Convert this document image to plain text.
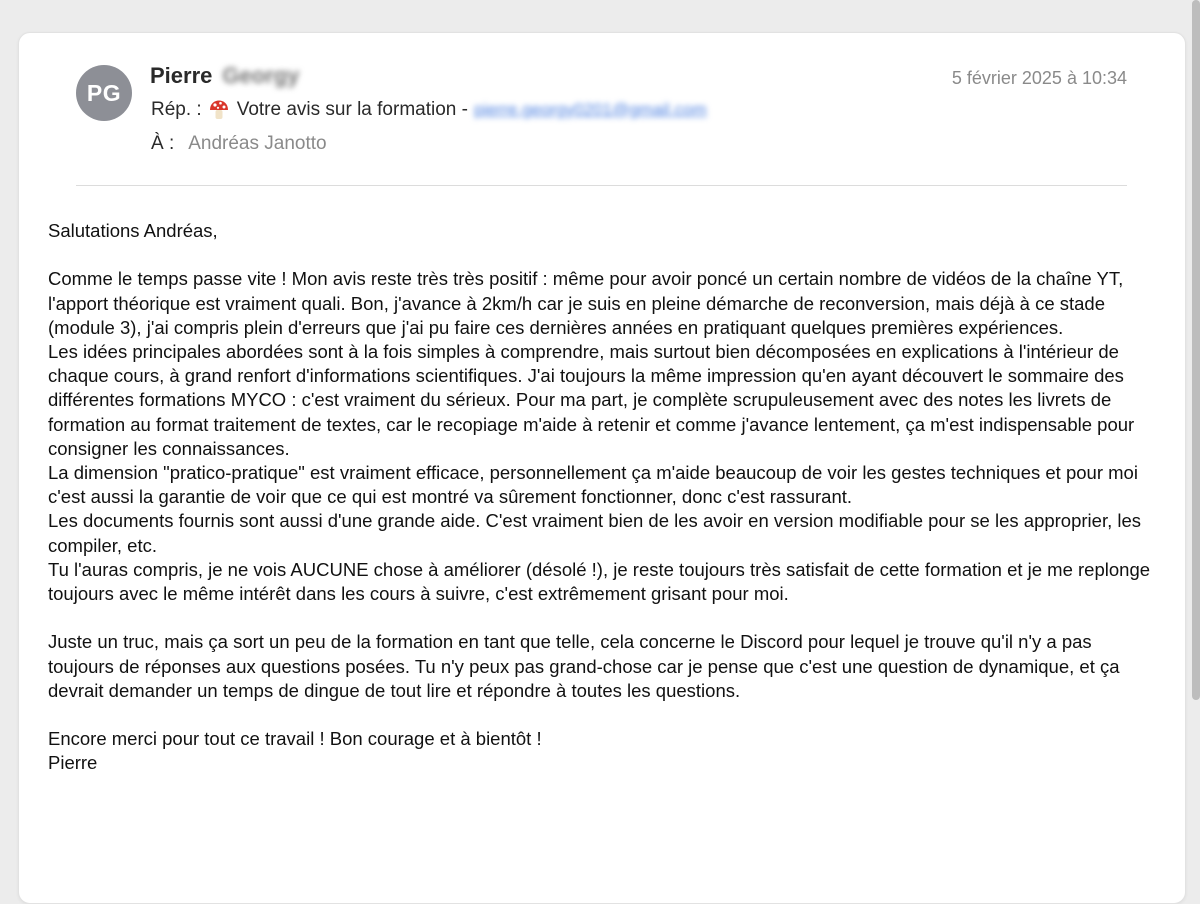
PG
Pierre Georgy	5 février 2025 à 10:34
Rép. : Votre avis sur la formation - pierre.georgy0201@gmail.com
À : Andréas Janotto

Salutations Andréas,

Comme le temps passe vite ! Mon avis reste très très positif : même pour avoir poncé un certain nombre de vidéos de la chaîne YT, l'apport théorique est vraiment quali. Bon, j'avance à 2km/h car je suis en pleine démarche de reconversion, mais déjà à ce stade (module 3), j'ai compris plein d'erreurs que j'ai pu faire ces dernières années en pratiquant quelques premières expériences.

Les idées principales abordées sont à la fois simples à comprendre, mais surtout bien décomposées en explications à l'intérieur de chaque cours, à grand renfort d'informations scientifiques. J'ai toujours la même impression qu'en ayant découvert le sommaire des différentes formations MYCO : c'est vraiment du sérieux. Pour ma part, je complète scrupuleusement avec des notes les livrets de formation au format traitement de textes, car le recopiage m'aide à retenir et comme j'avance lentement, ça m'est indispensable pour consigner les connaissances.

La dimension "pratico-pratique" est vraiment efficace, personnellement ça m'aide beaucoup de voir les gestes techniques et pour moi c'est aussi la garantie de voir que ce qui est montré va sûrement fonctionner, donc c'est rassurant.

Les documents fournis sont aussi d'une grande aide. C'est vraiment bien de les avoir en version modifiable pour se les approprier, les compiler, etc.

Tu l'auras compris, je ne vois AUCUNE chose à améliorer (désolé !), je reste toujours très satisfait de cette formation et je me replonge toujours avec le même intérêt dans les cours à suivre, c'est extrêmement grisant pour moi.

Juste un truc, mais ça sort un peu de la formation en tant que telle, cela concerne le Discord pour lequel je trouve qu'il n'y a pas toujours de réponses aux questions posées. Tu n'y peux pas grand-chose car je pense que c'est une question de dynamique, et ça devrait demander un temps de dingue de tout lire et répondre à toutes les questions.

Encore merci pour tout ce travail ! Bon courage et à bientôt !

Pierre
